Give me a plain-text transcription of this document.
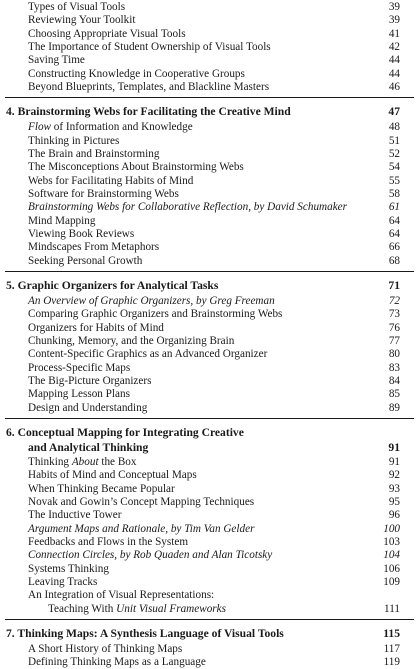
Types of Visual Tools	39
Reviewing Your Toolkit	39
Choosing Appropriate Visual Tools	41
The Importance of Student Ownership of Visual Tools	42
Saving Time	44
Constructing Knowledge in Cooperative Groups	44
Beyond Blueprints, Templates, and Blackline Masters	46
4. Brainstorming Webs for Facilitating the Creative Mind	47
Flow of Information and Knowledge	48
Thinking in Pictures	51
The Brain and Brainstorming	52
The Misconceptions About Brainstorming Webs	54
Webs for Facilitating Habits of Mind	55
Software for Brainstorming Webs	58
Brainstorming Webs for Collaborative Reflection, by David Schumaker	61
Mind Mapping	64
Viewing Book Reviews	64
Mindscapes From Metaphors	66
Seeking Personal Growth	68
5. Graphic Organizers for Analytical Tasks	71
An Overview of Graphic Organizers, by Greg Freeman	72
Comparing Graphic Organizers and Brainstorming Webs	73
Organizers for Habits of Mind	76
Chunking, Memory, and the Organizing Brain	77
Content-Specific Graphics as an Advanced Organizer	80
Process-Specific Maps	83
The Big-Picture Organizers	84
Mapping Lesson Plans	85
Design and Understanding	89
6. Conceptual Mapping for Integrating Creative
and Analytical Thinking	91
Thinking About the Box	91
Habits of Mind and Conceptual Maps	92
When Thinking Became Popular	93
Novak and Gowin’s Concept Mapping Techniques	95
The Inductive Tower	96
Argument Maps and Rationale, by Tim Van Gelder	100
Feedbacks and Flows in the System	103
Connection Circles, by Rob Quaden and Alan Ticotsky	104
Systems Thinking	106
Leaving Tracks	109
An Integration of Visual Representations:
Teaching With Unit Visual Frameworks	111
7. Thinking Maps: A Synthesis Language of Visual Tools	115
A Short History of Thinking Maps	117
Defining Thinking Maps as a Language	119
